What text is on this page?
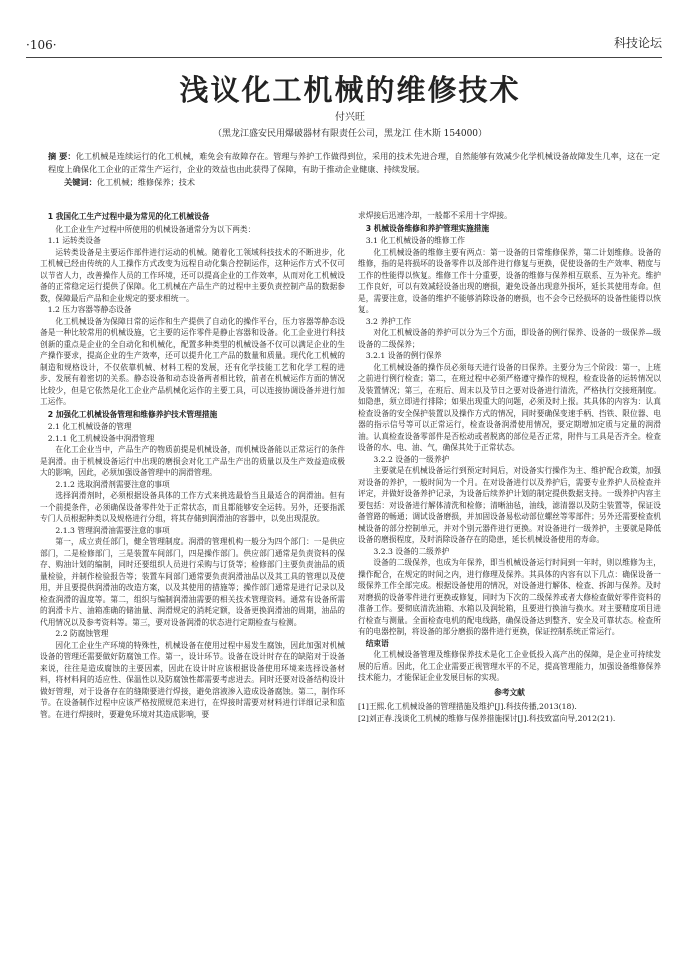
·106·	科技论坛
浅议化工机械的维修技术
付兴旺
（黑龙江盛安民用爆破器材有限责任公司，黑龙江 佳木斯 154000）
摘 要：化工机械是连续运行的化工机械，难免会有故障存在。管理与养护工作做得到位，采用的技术先进合理，自然能够有效减少化学机械设备故障发生几率，这在一定程度上确保化工企业的正常生产运行，企业的效益也由此获得了保障，有助于推动企业健康、持续发展。
关键词：化工机械；维修保养；技术

1 我国化工生产过程中最为常见的化工机械设备

化工企业生产过程中所使用的机械设备通常分为以下两类：

1.1 运转类设备

运转类设备是主要运作部件进行运动的机械。随着化工领域科技技术的不断进步，化工机械已经由传统的人工操作方式改变为远程自动化集合控制运作，这种运作方式不仅可以节省人力，改善操作人员的工作环境，还可以提高企业的工作效率，从而对化工机械设备的正常稳定运行提供了保障。化工机械在产品生产的过程中主要负责控制产品的数据参数，保障最后产品和企业规定的要求相统一。

1.2 压力容器等静态设备

化工机械设备为保障日常的运作和生产提供了自动化的操作平台，压力容器等静态设备是一种比较常用的机械设施，它主要的运作零件是静止容器和设备。化工企业进行科技创新的重点是企业的全自动化和机械化，配置多种类型的机械设备不仅可以满足企业的生产操作要求，提高企业的生产效率，还可以提升化工产品的数量和质量。现代化工机械的制造和规格设计，不仅依靠机械、材料工程的发展，还有化学技能工艺和化学工程的进步、发展有着密切的关系。静态设备和动态设备两者相比较，前者在机械运作方面的情况比较少，但是它依然是化工企业产品机械化运作的主要工具，可以连接协调设备并进行加工运作。

2 加强化工机械设备管理和维修养护技术管理措施

2.1 化工机械设备的管理

2.1.1 化工机械设备中润滑管理

在化工企业当中，产品生产的物质前提是机械设备，而机械设备能以正常运行的条件是润滑。由于机械设备运行中出现的磨损会对化工产品生产出的质量以及生产效益造成极大的影响，因此，必须加强设备管理中的润滑管理。

2.1.2 选取润滑剂需要注意的事项

选择润滑剂时，必须根据设备具体的工作方式来挑选最恰当且最适合的润滑油。但有一个前提条件，必须确保设备零件处于正常状态，而且都能够安全运转。另外，还要指派专门人员根据种类以及规格进行分组，将其存储到润滑油的容器中，以免出现混放。

2.1.3 管理润滑油需要注意的事项

第一，成立责任部门，健全管理制度。润滑的管理机构一般分为四个部门：一是供应部门，二是检修部门，三是装置车间部门，四是操作部门。供应部门通常是负责资料的保存、购油计划的编制，同时还要组织人员进行采购与订货等；检修部门主要负责油品的质量检验，并制作检验报告等；装置车间部门通常要负责润滑油品以及其工具的管理以及使用，并且要提供润滑油的改造方案，以及其使用的措施等；操作部门通常是进行记录以及检查润滑的温度等。第二，组织与编制润滑油需要的相关技术管理资料。通常有设备所需的润滑卡片、油箱准确的储油量、润滑规定的消耗定额，设备更换润滑油的周期，油品的代用情况以及参考资料等。第三，要对设备润滑的状态进行定期检查与检测。

2.2 防腐蚀管理

因化工企业生产环境的特殊性，机械设备在使用过程中易发生腐蚀，因此加强对机械设备的管理还需要做好防腐蚀工作。第一，设计环节。设备在设计时存在的缺陷对于设备来说，往往是造成腐蚀的主要因素，因此在设计时应该根据设备使用环境来选择设备材料，将材料间的适应性、保温性以及防腐蚀性都需要考虑进去。同时还要对设备结构设计做好管理，对于设备存在的缝隙要进行焊接，避免溶液渗入造成设备腐蚀。第二，制作环节。在设备制作过程中应该严格按照规范来进行，在焊接时需要对材料进行详细记录和监管。在进行焊接时，要避免环境对其造成影响，要

求焊接后迅速冷却，一般都不采用十字焊接。

3 机械设备维修和养护管理实施措施

3.1 化工机械设备的维修工作

化工机械设备的维修主要有两点：第一设备的日常维修保养，第二计划维修。设备的维修，指的是将损坏的设备零件以及部件进行修复与更换，促使设备的生产效率、精度与工作的性能得以恢复。维修工作十分重要，设备的维修与保养相互联系、互为补充。维护工作良好，可以有效减轻设备出现的磨损，避免设备出现意外损坏，延长其使用寿命。但是，需要注意，设备的维护不能够消除设备的磨损，也不会令已经损坏的设备性能得以恢复。

3.2 养护工作

对化工机械设备的养护可以分为三个方面，即设备的例行保养、设备的一级保养—级设备的二级保养；

3.2.1 设备的例行保养

化工机械设备的操作员必须每天进行设备的日保养。主要分为三个阶段：第一，上班之前进行例行检查；第二，在班过程中必须严格遵守操作的规程，检查设备的运转情况以及装置情况；第三，在班后、周末以及节日之要对设备进行清洗，严格执行交接班制度。如隐患，须立即进行排除；如果出现重大的问题，必须及时上报。其具体的内容为：认真检查设备的安全保护装置以及操作方式的情况，同时要确保变速手柄、挡铁、限位器、电器的指示信号等可以正常运行，检查设备润滑使用情况，要定期增加定质与定量的润滑油。认真检查设备零部件是否松动或者脱离的部位是否正常，附件与工具是否齐全。检查设备的水、电、油、气，确保其处于正常状态。

3.2.2 设备的一级养护

主要就是在机械设备运行到预定时间后，对设备实行操作为主、维护配合政策，加强对设备的养护，一般时间为一个月。在对设备进行以及养护后，需要专业养护人员检查并评定，并做好设备养护记录，为设备后续养护计划的制定提供数据支持。一级养护内容主要包括：对设备进行解体清洗和检修；清晰油毡，油线，滤清器以及防尘装置等，保证设备管路的畅通；调试设备磨损，并加固设备易松动部位螺丝等零部件；另外还需要检查机械设备的部分控制单元，并对个别元器件进行更换。对设备进行一级养护，主要就是降低设备的磨损程度，及时消除设备存在的隐患，延长机械设备使用的寿命。

3.2.3 设备的二级养护

设备的二级保养，也成为年保养，即当机械设备运行时间到一年时，则以维修为主，操作配合，在规定的时间之内，进行修理及保养。其具体的内容有以下几点：确保设备一级保养工作全部完成。根据设备使用的情况，对设备进行解体、检查、拆卸与保养。及时对磨损的设备零件进行更换或修复，同时为下次的二级保养或者大修检查做好零件资料的准备工作。要彻底清洗油箱、水箱以及润轮箱，且要进行换油与换水。对主要精度项目进行检查与测量。全面检查电机的配电线路，确保设备达到整齐、安全及可靠状态。检查所有的电器控制，将设备的部分磨损的器件进行更换，保证控制系统正常运行。

结束语

化工机械设备管理及维修保养技术是化工企业低投入高产出的保障，是企业可持续发展的后盾。因此，化工企业需要正视管理水平的不足，提高管理能力，加强设备维修保养技术能力，才能保证企业发展目标的实现。

参考文献

[1]王熙.化工机械设备的管理措施及维护[J].科技传播,2013(18).

[2]刘正春.浅谈化工机械的维修与保养措施探讨[J].科技致富向导,2012(21).
